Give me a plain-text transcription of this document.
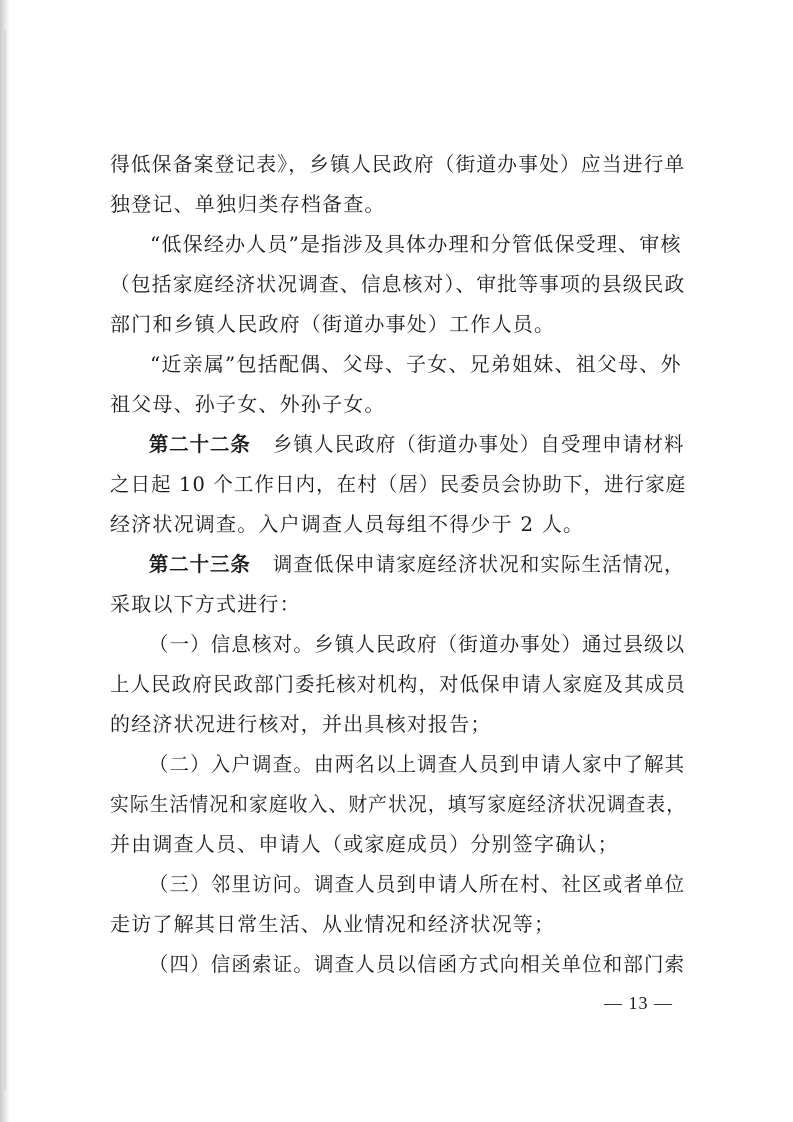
得低保备案登记表》，乡镇人民政府（街道办事处）应当进行单
独登记、单独归类存档备查。
“低保经办人员”是指涉及具体办理和分管低保受理、审核
（包括家庭经济状况调查、信息核对）、审批等事项的县级民政
部门和乡镇人民政府（街道办事处）工作人员。
“近亲属”包括配偶、父母、子女、兄弟姐妹、祖父母、外
祖父母、孙子女、外孙子女。
第二十二条 乡镇人民政府（街道办事处）自受理申请材料
之日起 10 个工作日内，在村（居）民委员会协助下，进行家庭
经济状况调查。入户调查人员每组不得少于 2 人。
第二十三条 调查低保申请家庭经济状况和实际生活情况，
采取以下方式进行：
（一）信息核对。乡镇人民政府（街道办事处）通过县级以
上人民政府民政部门委托核对机构，对低保申请人家庭及其成员
的经济状况进行核对，并出具核对报告；
（二）入户调查。由两名以上调查人员到申请人家中了解其
实际生活情况和家庭收入、财产状况，填写家庭经济状况调查表，
并由调查人员、申请人（或家庭成员）分别签字确认；
（三）邻里访问。调查人员到申请人所在村、社区或者单位
走访了解其日常生活、从业情况和经济状况等；
（四）信函索证。调查人员以信函方式向相关单位和部门索
— 13 —
